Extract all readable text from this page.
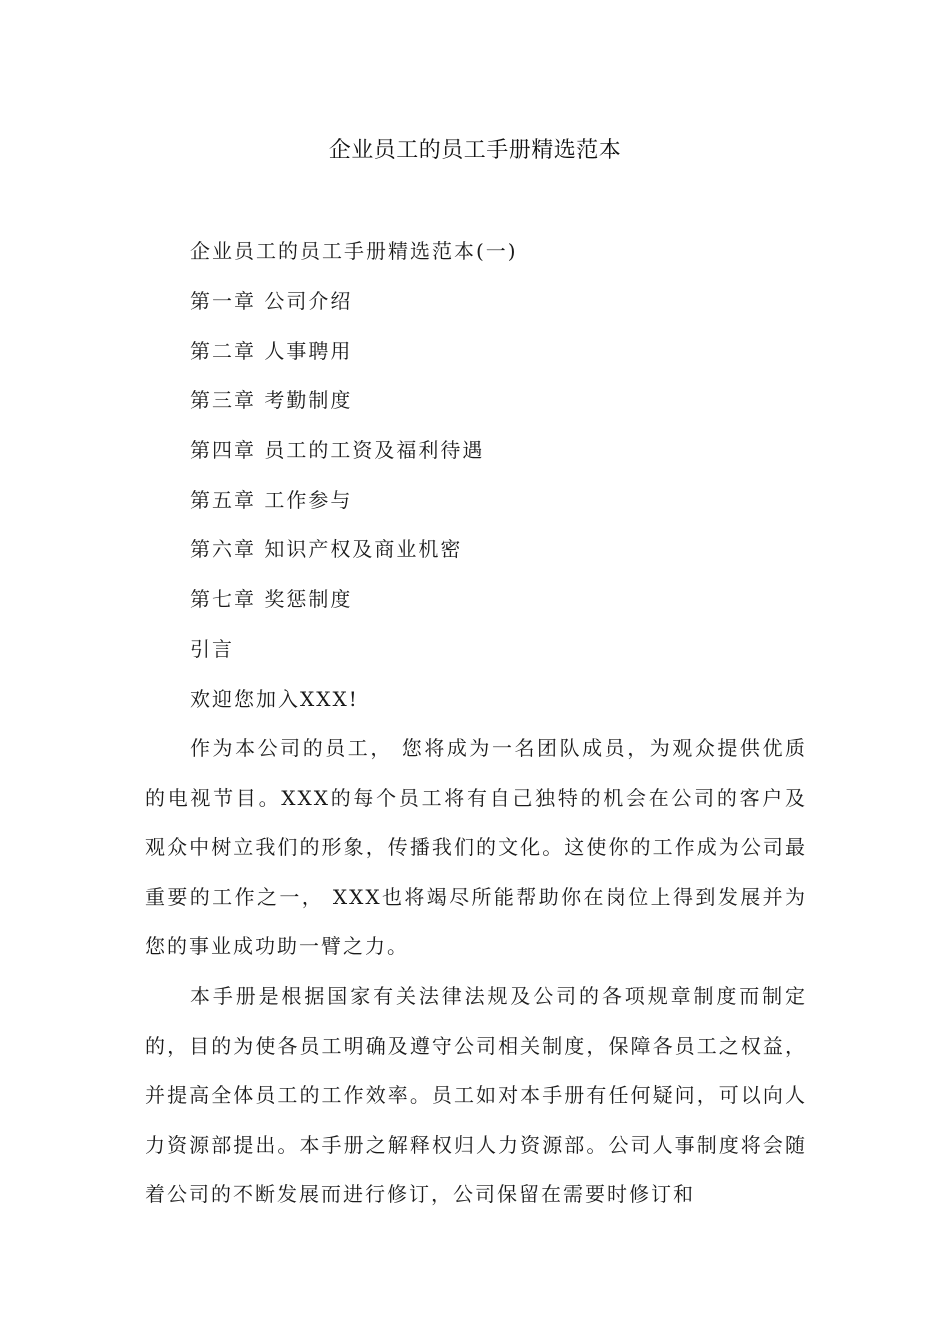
企业员工的员工手册精选范本
企业员工的员工手册精选范本(一)
第一章 公司介绍
第二章 人事聘用
第三章 考勤制度
第四章 员工的工资及福利待遇
第五章 工作参与
第六章 知识产权及商业机密
第七章 奖惩制度
引言
欢迎您加入XXX!

作为本公司的员工， 您将成为一名团队成员，为观众提供优质的电视节目。XXX的每个员工将有自己独特的机会在公司的客户及观众中树立我们的形象，传播我们的文化。这使你的工作成为公司最重要的工作之一， XXX也将竭尽所能帮助你在岗位上得到发展并为您的事业成功助一臂之力。

本手册是根据国家有关法律法规及公司的各项规章制度而制定的，目的为使各员工明确及遵守公司相关制度，保障各员工之权益，并提高全体员工的工作效率。员工如对本手册有任何疑问，可以向人力资源部提出。本手册之解释权归人力资源部。公司人事制度将会随着公司的不断发展而进行修订，公司保留在需要时修订和
